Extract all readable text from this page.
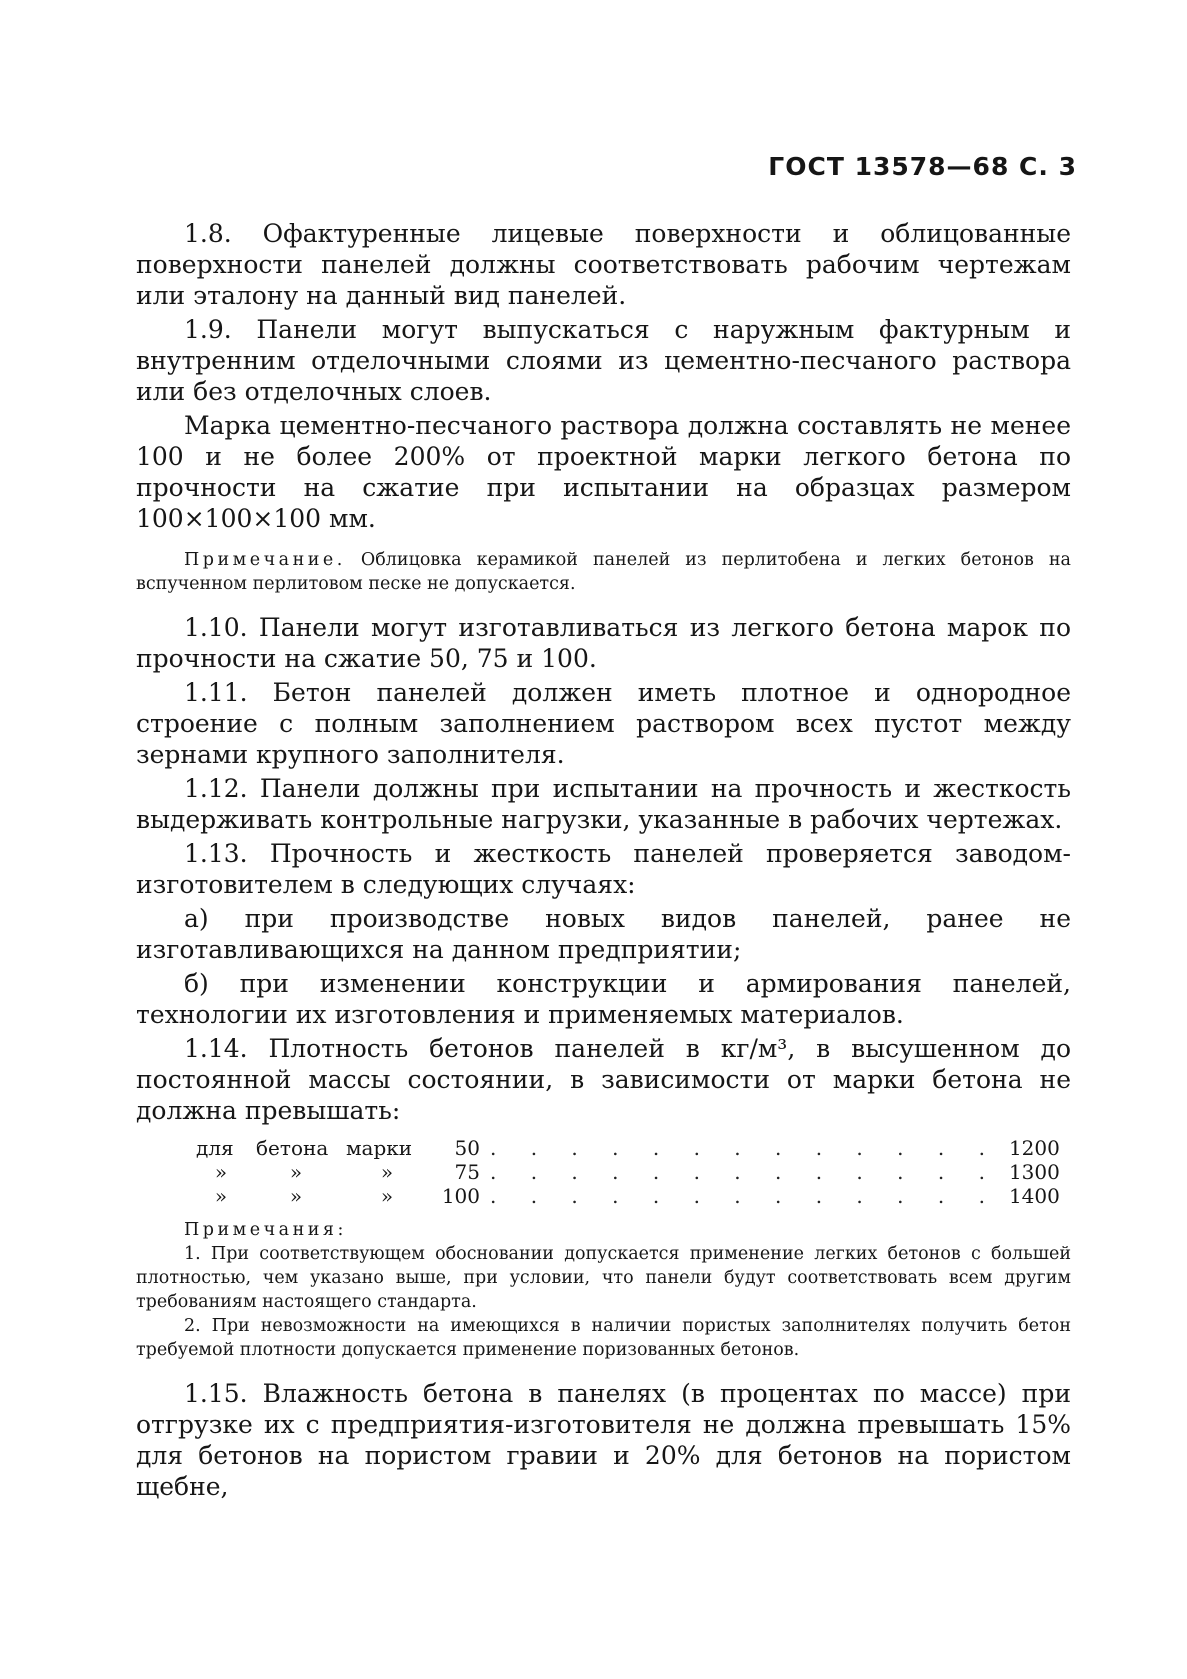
ГОСТ 13578—68 С. 3

1.8. Офактуренные лицевые поверхности и облицованные поверхности панелей должны соответствовать рабочим чертежам или эталону на данный вид панелей.

1.9. Панели могут выпускаться с наружным фактурным и внутренним отделочными слоями из цементно-песчаного раствора или без отделочных слоев.

Марка цементно-песчаного раствора должна составлять не менее 100 и не более 200% от проектной марки легкого бетона по прочности на сжатие при испытании на образцах размером 100×100×100 мм.

Примечание. Облицовка керамикой панелей из перлитобена и легких бетонов на вспученном перлитовом песке не допускается.

1.10. Панели могут изготавливаться из легкого бетона марок по прочности на сжатие 50, 75 и 100.

1.11. Бетон панелей должен иметь плотное и однородное строение с полным заполнением раствором всех пустот между зернами крупного заполнителя.

1.12. Панели должны при испытании на прочность и жесткость выдерживать контрольные нагрузки, указанные в рабочих чертежах.

1.13. Прочность и жесткость панелей проверяется заводом-изготовителем в следующих случаях:

а) при производстве новых видов панелей, ранее не изготавливающихся на данном предприятии;

б) при изменении конструкции и армирования панелей, технологии их изготовления и применяемых материалов.

1.14. Плотность бетонов панелей в кг/м³, в высушенном до постоянной массы состоянии, в зависимости от марки бетона не должна превышать:

для	бетона	марки	50	. . . . . . . . . . . . .	1200
»	»	»	75	. . . . . . . . . . . . .	1300
»	»	»	100	. . . . . . . . . . . . .	1400
Примечания:

1. При соответствующем обосновании допускается применение легких бетонов с большей плотностью, чем указано выше, при условии, что панели будут соответствовать всем другим требованиям настоящего стандарта.

2. При невозможности на имеющихся в наличии пористых заполнителях получить бетон требуемой плотности допускается применение поризованных бетонов.

1.15. Влажность бетона в панелях (в процентах по массе) при отгрузке их с предприятия-изготовителя не должна превышать 15% для бетонов на пористом гравии и 20% для бетонов на пористом щебне,
